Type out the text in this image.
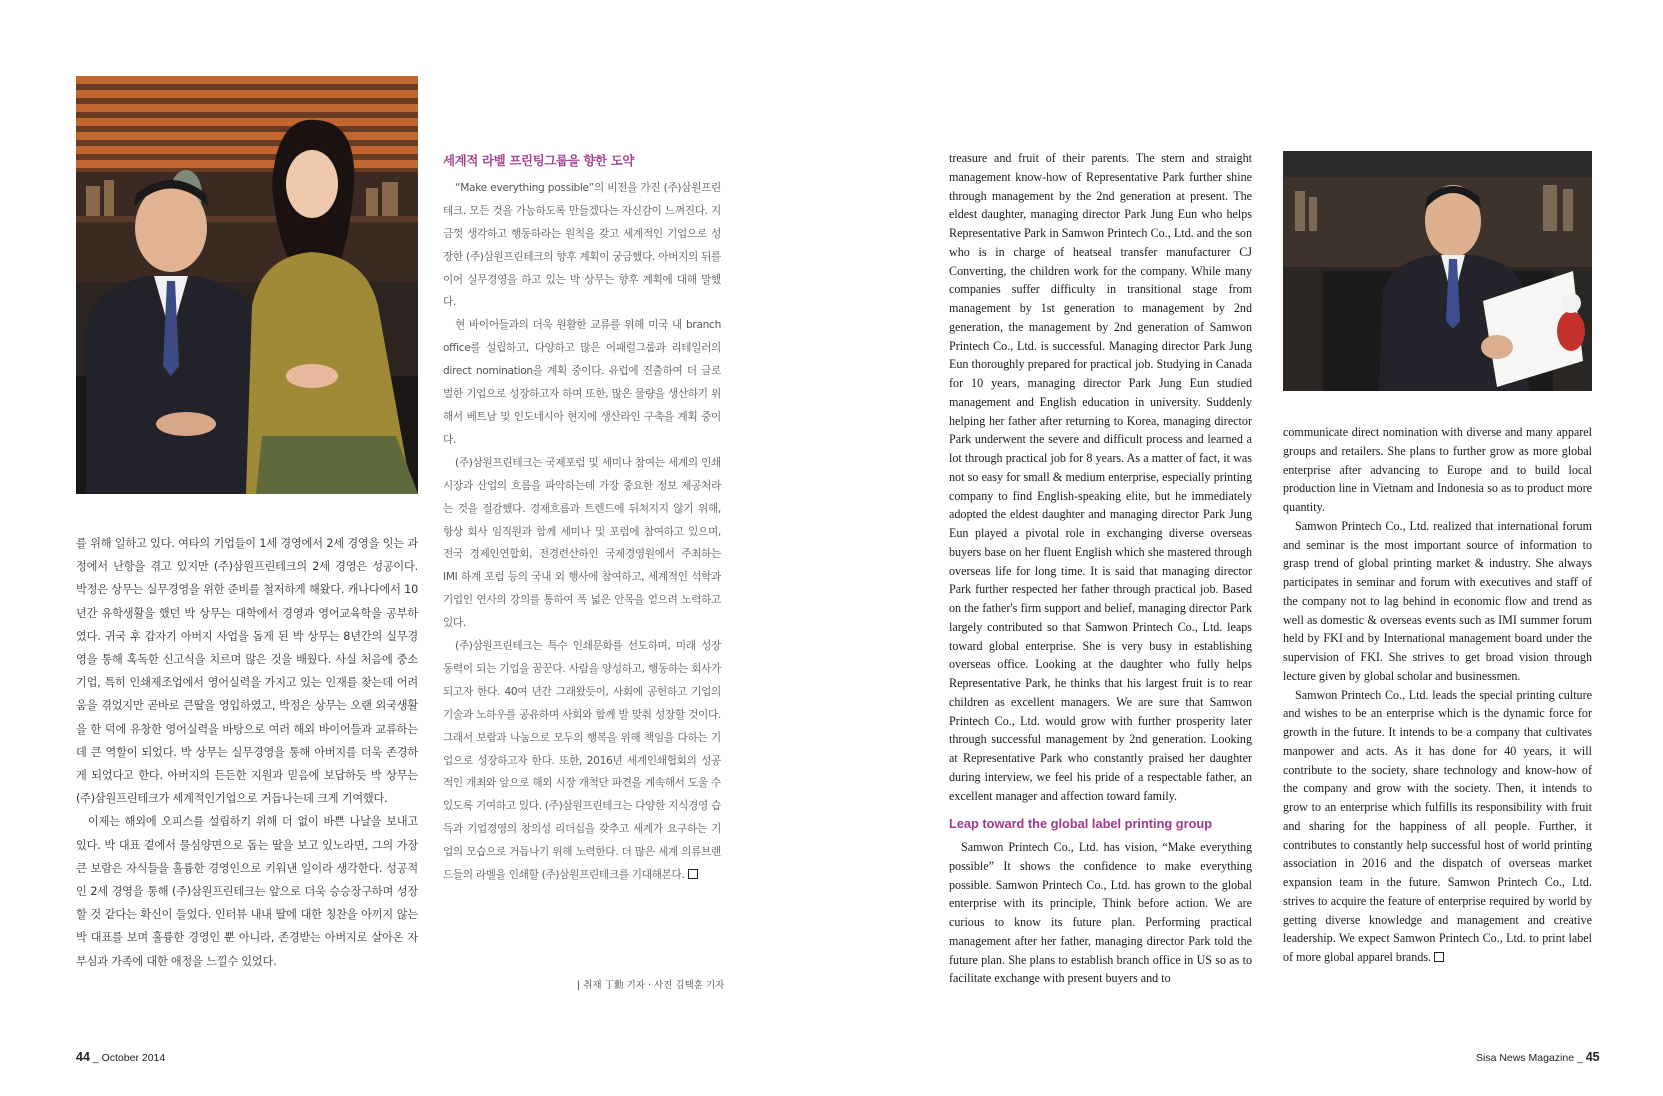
를 위해 일하고 있다. 여타의 기업들이 1세 경영에서 2세 경영을 잇는 과정에서 난항을 겪고 있지만 (주)삼원프린테크의 2세 경영은 성공이다. 박정은 상무는 실무경영을 위한 준비를 철저하게 해왔다. 캐나다에서 10 년간 유학생활을 했던 박 상무는 대학에서 경영과 영어교육학을 공부하였다. 귀국 후 갑자기 아버지 사업을 돕게 된 박 상무는 8년간의 실무경영을 통해 혹독한 신고식을 치르며 많은 것을 배웠다. 사실 처음에 중소기업, 특히 인쇄제조업에서 영어실력을 가지고 있는 인재를 찾는데 어려움을 겪었지만 곧바로 큰딸을 영입하였고, 박정은 상무는 오랜 외국생활을 한 덕에 유창한 영어실력을 바탕으로 여러 해외 바이어들과 교류하는데 큰 역할이 되었다. 박 상무는 실무경영을 통해 아버지를 더욱 존경하게 되었다고 한다. 아버지의 든든한 지원과 믿음에 보답하듯 박 상무는 (주)삼원프린테크가 세계적인기업으로 거듭나는데 크게 기여했다.

이제는 해외에 오피스를 설립하기 위해 더 없이 바쁜 나날을 보내고 있다. 박 대표 곁에서 물심양면으로 돕는 딸을 보고 있노라면, 그의 가장 큰 보람은 자식들을 훌륭한 경영인으로 키워낸 일이라 생각한다. 성공적인 2세 경영을 통해 (주)삼원프린테크는 앞으로 더욱 승승장구하며 성장 할 것 같다는 확신이 들었다. 인터뷰 내내 딸에 대한 칭찬을 아끼지 않는 박 대표를 보며 훌륭한 경영인 뿐 아니라, 존경받는 아버지로 살아온 자부심과 가족에 대한 애정을 느낄수 있었다.

세계적 라벨 프린팅그룹을 향한 도약

“Make everything possible”의 비전을 가진 (주)삼원프린테크. 모든 것을 가능하도록 만들겠다는 자신감이 느껴진다. 지금껏 생각하고 행동하라는 원칙을 갖고 세계적인 기업으로 성장한 (주)삼원프린테크의 향후 계획이 궁금했다. 아버지의 뒤를 이어 실무경영을 하고 있는 박 상무는 향후 계획에 대해 말했다.

현 바이어들과의 더욱 원활한 교류를 위해 미국 내 branch office를 설립하고, 다양하고 많은 어패럴그룹과 리테일러의 direct nomination을 계획 중이다. 유럽에 진출하여 더 글로벌한 기업으로 성장하고자 하며 또한, 많은 물량을 생산하기 위해서 베트남 및 인도네시아 현지에 생산라인 구축을 계획 중이다.

(주)삼원프린테크는 국제포럼 및 세미나 참여는 세계의 인쇄시장과 산업의 흐름을 파악하는데 가장 중요한 정보 제공처라는 것을 절감했다. 경제흐름과 트렌드에 뒤쳐지지 않기 위해, 항상 회사 임직원과 함께 세미나 및 포럼에 참여하고 있으며, 전국 경제인연합회, 전경련산하인 국제경영원에서 주최하는 IMI 하계 포럼 등의 국내 외 행사에 참여하고, 세계적인 석학과 기업인 연사의 강의를 통하여 폭 넓은 안목을 얻으려 노력하고 있다.

(주)삼원프린테크는 특수 인쇄문화를 선도하며, 미래 성장 동력이 되는 기업을 꿈꾼다. 사람을 양성하고, 행동하는 회사가 되고자 한다. 40여 년간 그래왔듯이, 사회에 공헌하고 기업의 기술과 노하우를 공유하며 사회와 함께 발 맞춰 성장할 것이다. 그래서 보람과 나눔으로 모두의 행복을 위해 책임을 다하는 기업으로 성장하고자 한다. 또한, 2016년 세계인쇄협회의 성공적인 개최와 앞으로 해외 시장 개척단 파견을 계속해서 도울 수 있도록 기여하고 있다. (주)삼원프린테크는 다양한 지식경영 습득과 기업경영의 창의성 리더십을 갖추고 세계가 요구하는 기업의 모습으로 거듭나기 위해 노력한다. 더 많은 세계 의류브랜드들의 라벨을 인쇄할 (주)삼원프린테크를 기대해본다.

| 취재 丁勳 기자 · 사진 김택훈 기자

treasure and fruit of their parents. The stern and straight management know-how of Representative Park further shine through management by the 2nd generation at present. The eldest daughter, managing director Park Jung Eun who helps Representative Park in Samwon Printech Co., Ltd. and the son who is in charge of heatseal transfer manufacturer CJ Converting, the children work for the company. While many companies suffer difficulty in transitional stage from management by 1st generation to management by 2nd generation, the management by 2nd generation of Samwon Printech Co., Ltd. is successful. Managing director Park Jung Eun thoroughly prepared for practical job. Studying in Canada for 10 years, managing director Park Jung Eun studied management and English education in university. Suddenly helping her father after returning to Korea, managing director Park underwent the severe and difficult process and learned a lot through practical job for 8 years. As a matter of fact, it was not so easy for small & medium enterprise, especially printing company to find English-speaking elite, but he immediately adopted the eldest daughter and managing director Park Jung Eun played a pivotal role in exchanging diverse overseas buyers base on her fluent English which she mastered through overseas life for long time. It is said that managing director Park further respected her father through practical job. Based on the father's firm support and belief, managing director Park largely contributed so that Samwon Printech Co., Ltd. leaps toward global enterprise. She is very busy in establishing overseas office. Looking at the daughter who fully helps Representative Park, he thinks that his largest fruit is to rear children as excellent managers. We are sure that Samwon Printech Co., Ltd. would grow with further prosperity later through successful management by 2nd generation. Looking at Representative Park who constantly praised her daughter during interview, we feel his pride of a respectable father, an excellent manager and affection toward family.

Leap toward the global label printing group

Samwon Printech Co., Ltd. has vision, “Make everything possible” It shows the confidence to make everything possible. Samwon Printech Co., Ltd. has grown to the global enterprise with its principle, Think before action. We are curious to know its future plan. Performing practical management after her father, managing director Park told the future plan. She plans to establish branch office in US so as to facilitate exchange with present buyers and to

communicate direct nomination with diverse and many apparel groups and retailers. She plans to further grow as more global enterprise after advancing to Europe and to build local production line in Vietnam and Indonesia so as to product more quantity.

Samwon Printech Co., Ltd. realized that international forum and seminar is the most important source of information to grasp trend of global printing market & industry. She always participates in seminar and forum with executives and staff of the company not to lag behind in economic flow and trend as well as domestic & overseas events such as IMI summer forum held by FKI and by International management board under the supervision of FKI. She strives to get broad vision through lecture given by global scholar and businessmen.

Samwon Printech Co., Ltd. leads the special printing culture and wishes to be an enterprise which is the dynamic force for growth in the future. It intends to be a company that cultivates manpower and acts. As it has done for 40 years, it will contribute to the society, share technology and know-how of the company and grow with the society. Then, it intends to grow to an enterprise which fulfills its responsibility with fruit and sharing for the happiness of all people. Further, it contributes to constantly help successful host of world printing association in 2016 and the dispatch of overseas market expansion team in the future. Samwon Printech Co., Ltd. strives to acquire the feature of enterprise required by world by getting diverse knowledge and management and creative leadership. We expect Samwon Printech Co., Ltd. to print label of more global apparel brands.

44 _ October 2014	Sisa News Magazine _ 45
